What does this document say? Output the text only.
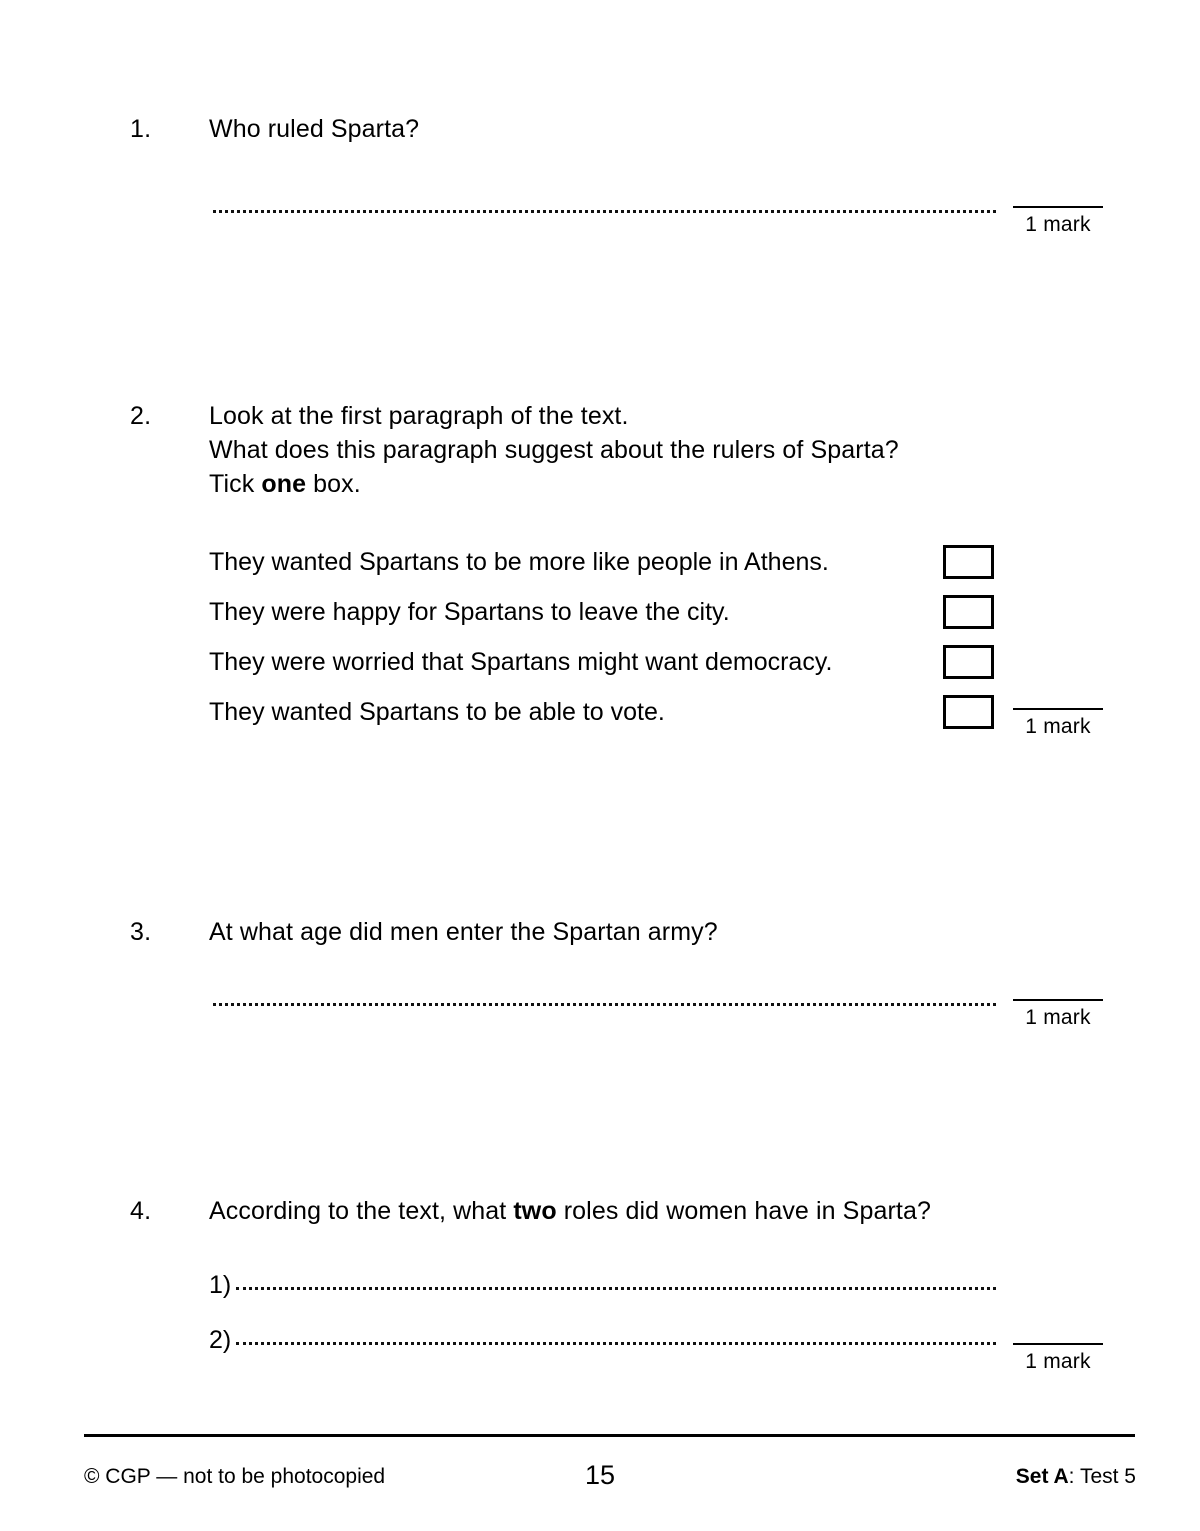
1.	Who ruled Sparta?
1 mark
2.	Look at the first paragraph of the text.
What does this paragraph suggest about the rulers of Sparta?
Tick one box.
They wanted Spartans to be more like people in Athens.
They were happy for Spartans to leave the city.
They were worried that Spartans might want democracy.
They wanted Spartans to be able to vote.
1 mark
3.	At what age did men enter the Spartan army?
1 mark
4.	According to the text, what two roles did women have in Sparta?
1)
2)
1 mark
© CGP — not to be photocopied	15	Set A: Test 5
